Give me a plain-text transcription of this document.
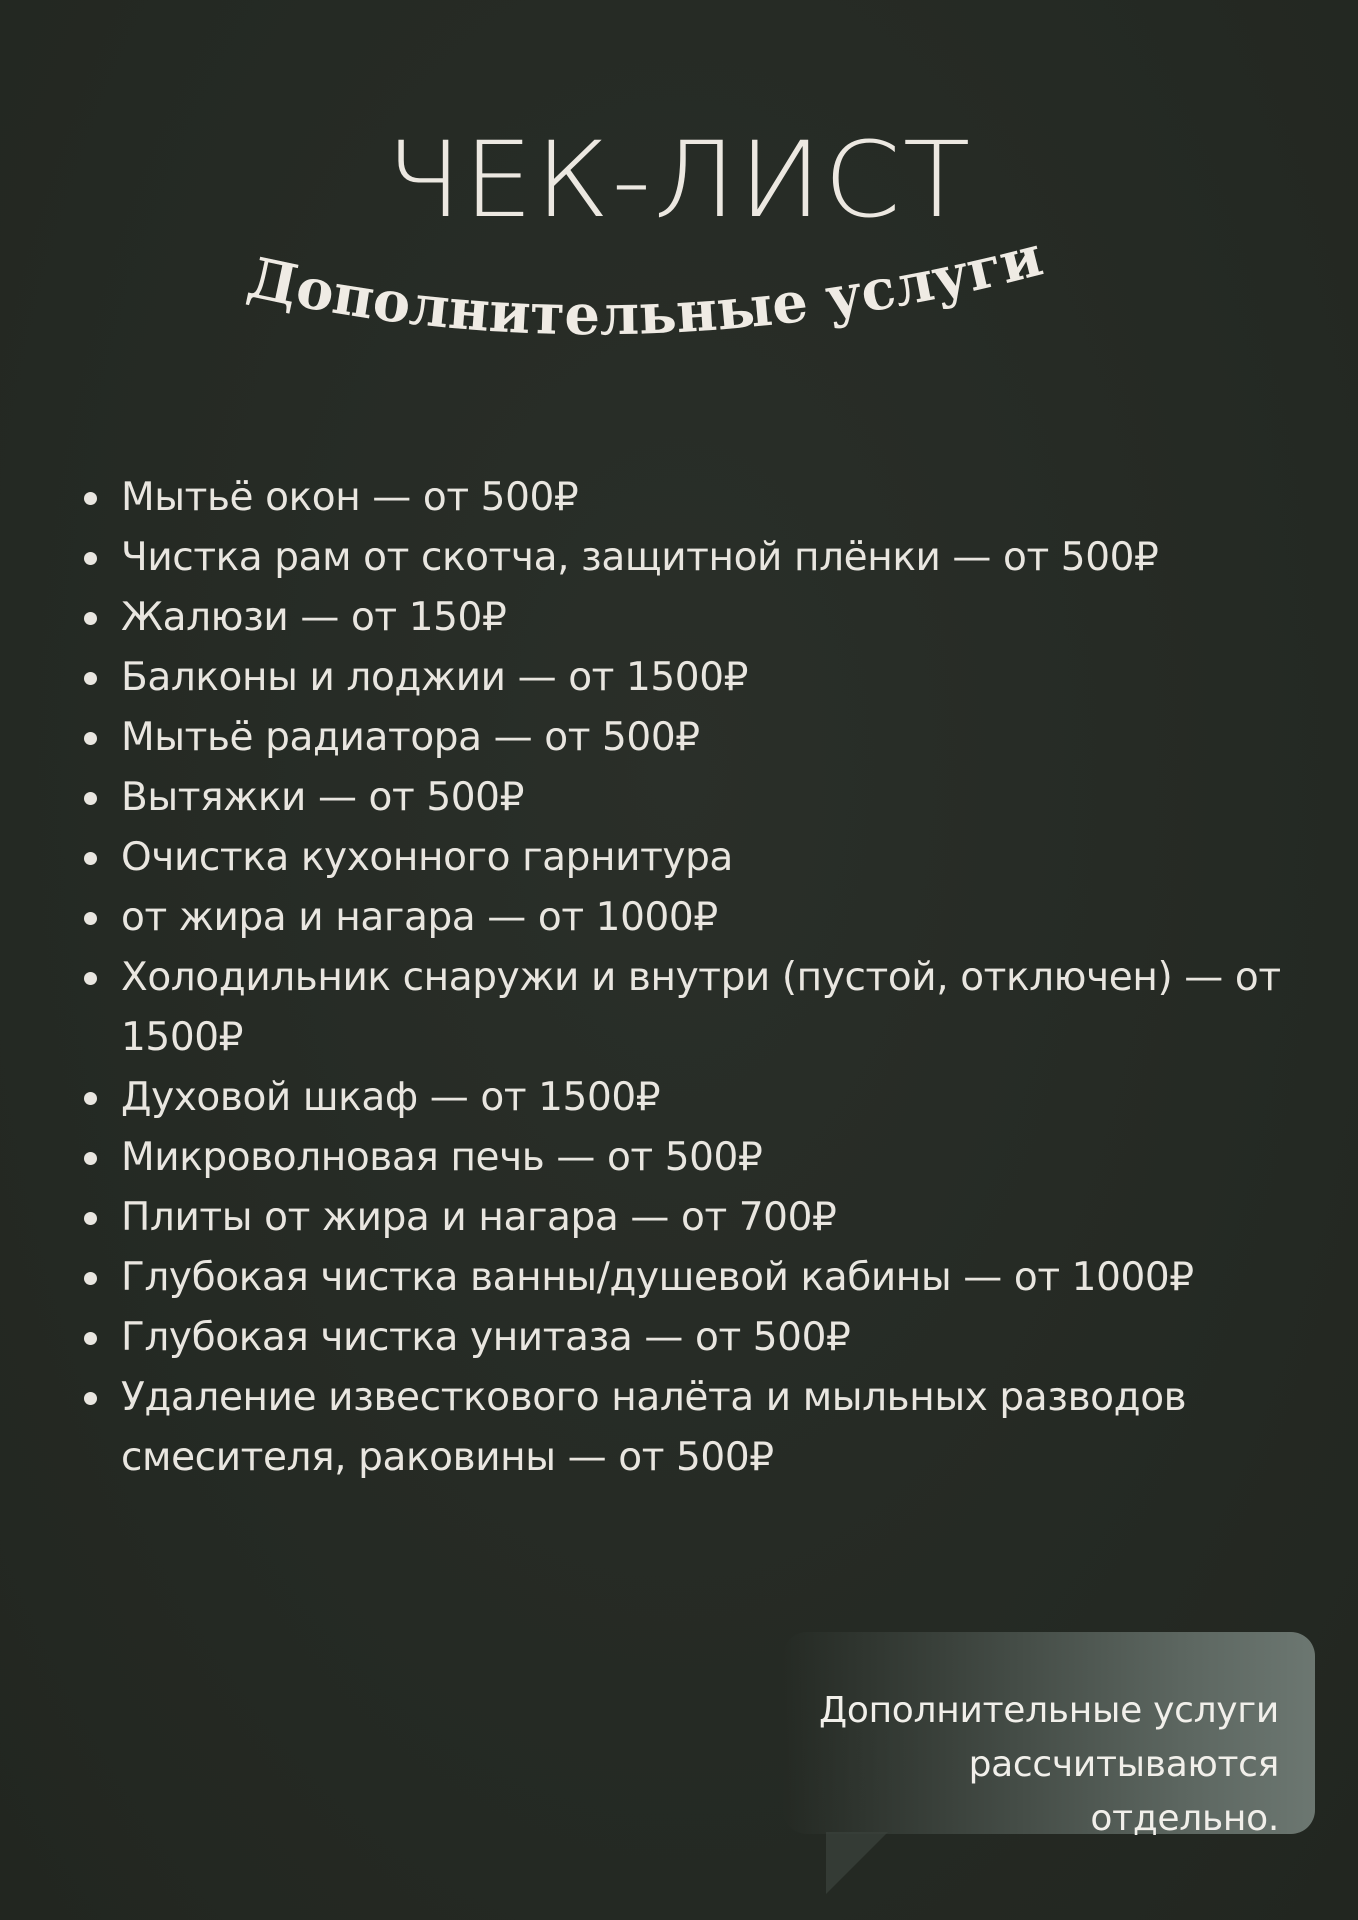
ЧЕК-ЛИСТ
Дополнительные услуги
Мытьё окон — от 500₽
Чистка рам от скотча, защитной плёнки — от 500₽
Жалюзи — от 150₽
Балконы и лоджии — от 1500₽
Мытьё радиатора — от 500₽
Вытяжки — от 500₽
Очистка кухонного гарнитура
от жира и нагара — от 1000₽
Холодильник снаружи и внутри (пустой, отключен) — от 1500₽
Духовой шкаф — от 1500₽
Микроволновая печь — от 500₽
Плиты от жира и нагара — от 700₽
Глубокая чистка ванны/душевой кабины — от 1000₽
Глубокая чистка унитаза — от 500₽
Удаление известкового налёта и мыльных разводов смесителя, раковины — от 500₽
Дополнительные услуги
рассчитываются отдельно.
